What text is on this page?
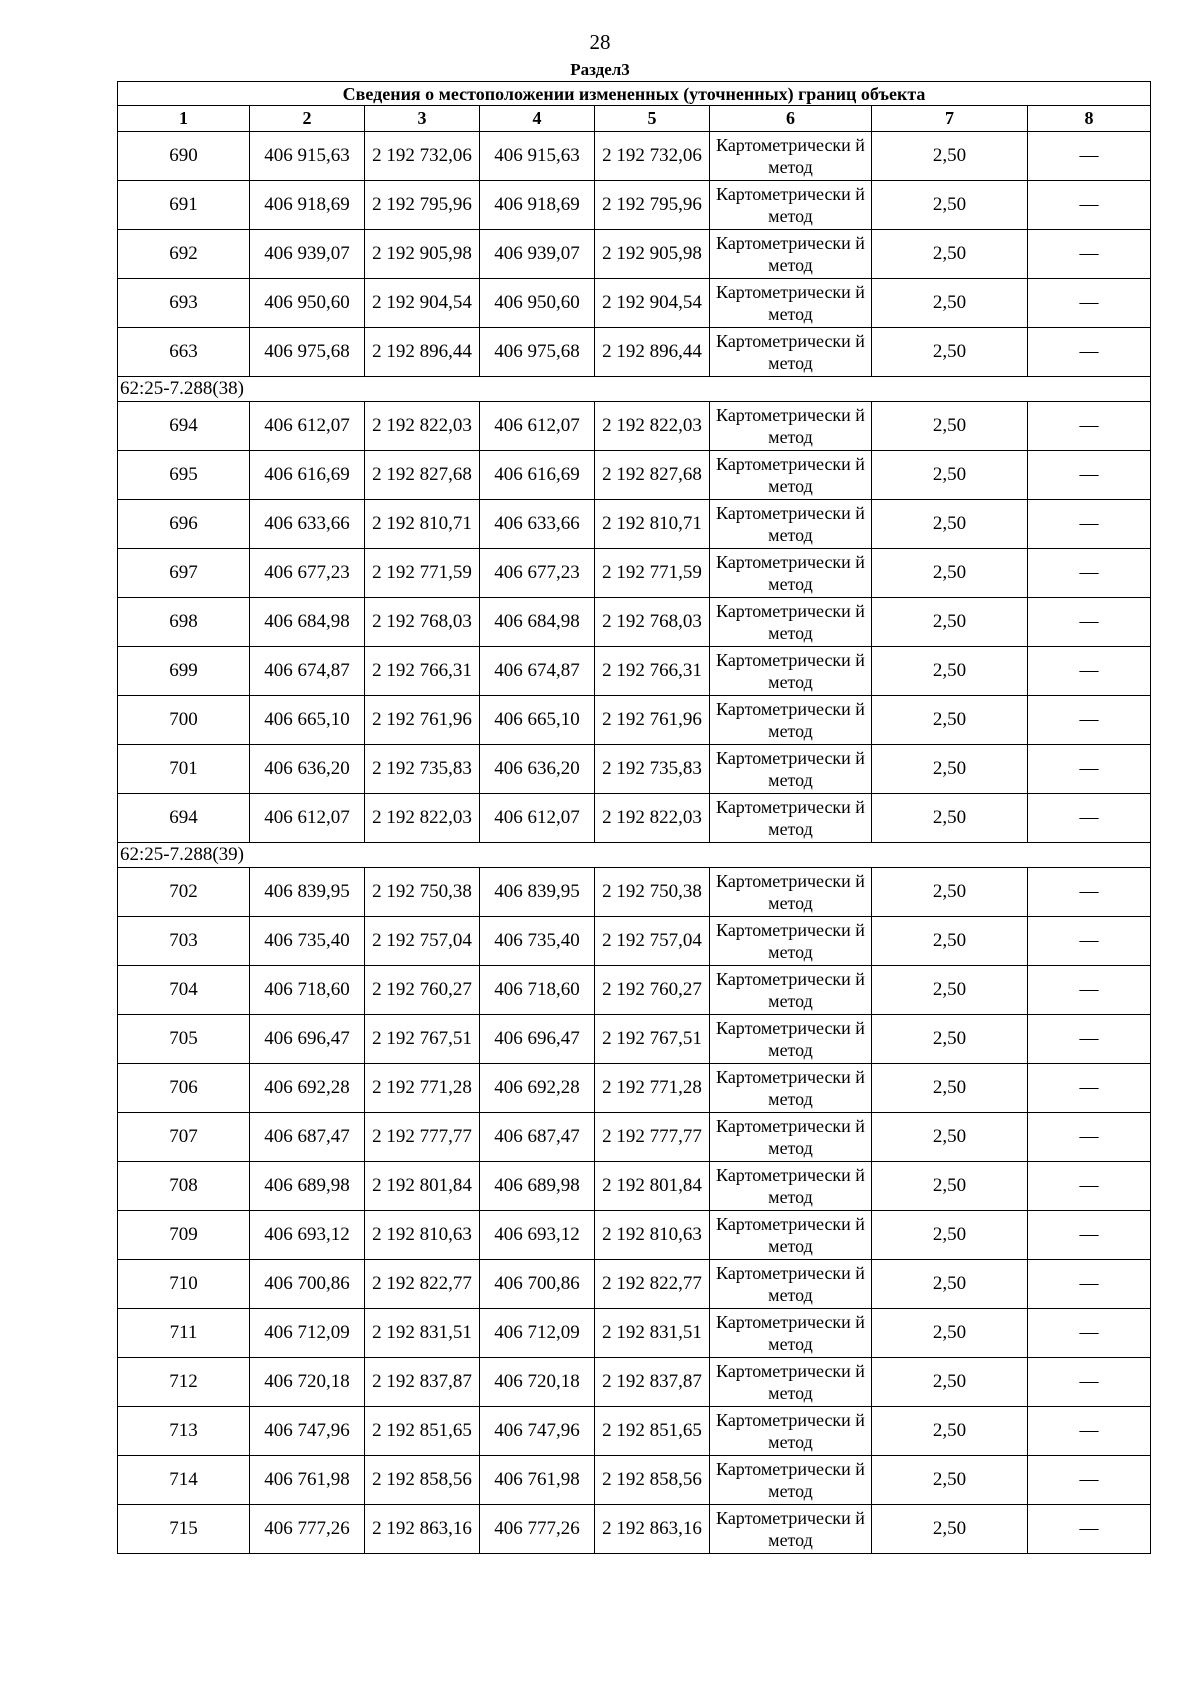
28
Раздел3
Сведения о местоположении измененных (уточненных) границ объекта							
1	2	3	4	5	6	7	8
690	406 915,63	2 192 732,06	406 915,63	2 192 732,06	Картометрически й метод	2,50	—
691	406 918,69	2 192 795,96	406 918,69	2 192 795,96	Картометрически й метод	2,50	—
692	406 939,07	2 192 905,98	406 939,07	2 192 905,98	Картометрически й метод	2,50	—
693	406 950,60	2 192 904,54	406 950,60	2 192 904,54	Картометрически й метод	2,50	—
663	406 975,68	2 192 896,44	406 975,68	2 192 896,44	Картометрически й метод	2,50	—
62:25-7.288(38)							
694	406 612,07	2 192 822,03	406 612,07	2 192 822,03	Картометрически й метод	2,50	—
695	406 616,69	2 192 827,68	406 616,69	2 192 827,68	Картометрически й метод	2,50	—
696	406 633,66	2 192 810,71	406 633,66	2 192 810,71	Картометрически й метод	2,50	—
697	406 677,23	2 192 771,59	406 677,23	2 192 771,59	Картометрически й метод	2,50	—
698	406 684,98	2 192 768,03	406 684,98	2 192 768,03	Картометрически й метод	2,50	—
699	406 674,87	2 192 766,31	406 674,87	2 192 766,31	Картометрически й метод	2,50	—
700	406 665,10	2 192 761,96	406 665,10	2 192 761,96	Картометрически й метод	2,50	—
701	406 636,20	2 192 735,83	406 636,20	2 192 735,83	Картометрически й метод	2,50	—
694	406 612,07	2 192 822,03	406 612,07	2 192 822,03	Картометрически й метод	2,50	—
62:25-7.288(39)							
702	406 839,95	2 192 750,38	406 839,95	2 192 750,38	Картометрически й метод	2,50	—
703	406 735,40	2 192 757,04	406 735,40	2 192 757,04	Картометрически й метод	2,50	—
704	406 718,60	2 192 760,27	406 718,60	2 192 760,27	Картометрически й метод	2,50	—
705	406 696,47	2 192 767,51	406 696,47	2 192 767,51	Картометрически й метод	2,50	—
706	406 692,28	2 192 771,28	406 692,28	2 192 771,28	Картометрически й метод	2,50	—
707	406 687,47	2 192 777,77	406 687,47	2 192 777,77	Картометрически й метод	2,50	—
708	406 689,98	2 192 801,84	406 689,98	2 192 801,84	Картометрически й метод	2,50	—
709	406 693,12	2 192 810,63	406 693,12	2 192 810,63	Картометрически й метод	2,50	—
710	406 700,86	2 192 822,77	406 700,86	2 192 822,77	Картометрически й метод	2,50	—
711	406 712,09	2 192 831,51	406 712,09	2 192 831,51	Картометрически й метод	2,50	—
712	406 720,18	2 192 837,87	406 720,18	2 192 837,87	Картометрически й метод	2,50	—
713	406 747,96	2 192 851,65	406 747,96	2 192 851,65	Картометрически й метод	2,50	—
714	406 761,98	2 192 858,56	406 761,98	2 192 858,56	Картометрически й метод	2,50	—
715	406 777,26	2 192 863,16	406 777,26	2 192 863,16	Картометрически й метод	2,50	—
